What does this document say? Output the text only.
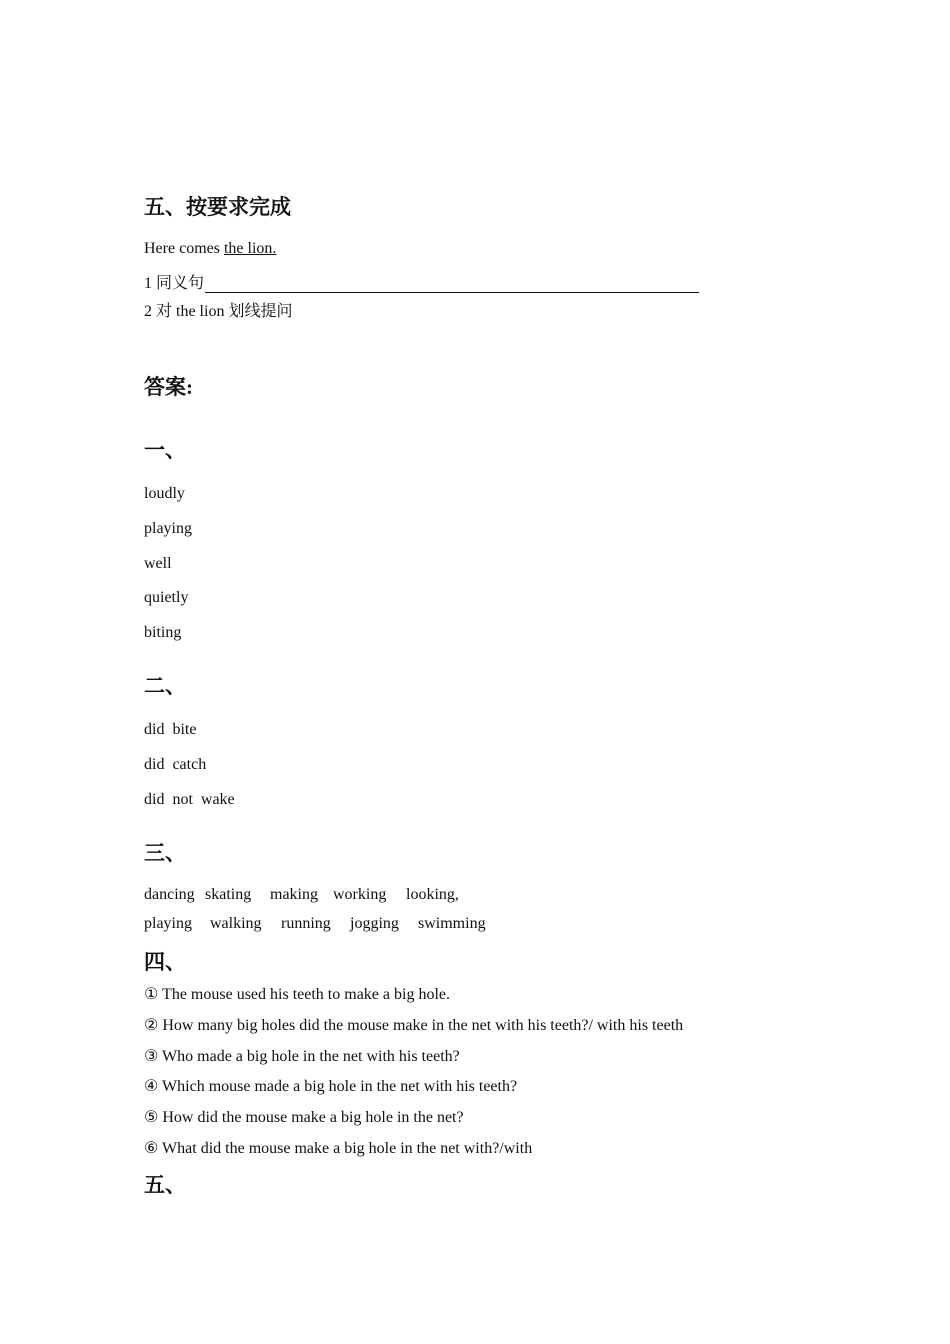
五、按要求完成
Here comes the lion.
1 同义句
2 对 the lion 划线提问
答案:
一、
loudly
playing
well
quietly
biting
二、
did  bite
did  catch
did  not  wake
三、
dancing skating making working looking,
playing walking running jogging swimming
四、
① The mouse used his teeth to make a big hole.
② How many big holes did the mouse make in the net with his teeth?/ with his teeth
③ Who made a big hole in the net with his teeth?
④ Which mouse made a big hole in the net with his teeth?
⑤ How did the mouse make a big hole in the net?
⑥ What did the mouse make a big hole in the net with?/with
五、
